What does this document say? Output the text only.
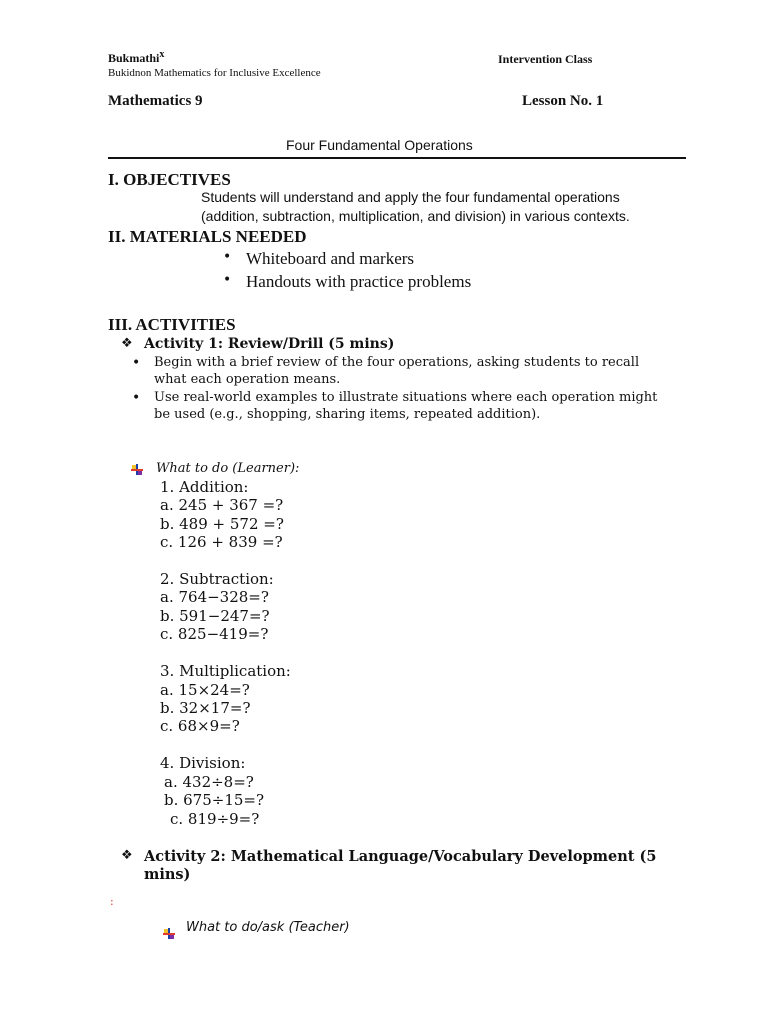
Bukmathi$^x$
Bukidnon Mathematics for Inclusive Excellence
Intervention Class
Mathematics 9	Lesson No. 1
Four Fundamental Operations
I. OBJECTIVES
Students will understand and apply the four fundamental operations
(addition, subtraction, multiplication, and division) in various contexts.
II. MATERIALS NEEDED
• Whiteboard and markers
• Handouts with practice problems
III. ACTIVITIES
❖ Activity 1: Review/Drill (5 mins)
• Begin with a brief review of the four operations, asking students to recall
what each operation means.
• Use real-world examples to illustrate situations where each operation might
be used (e.g., shopping, sharing items, repeated addition).
What to do (Learner):
1. Addition:
a. 245 + 367 =?
b. 489 + 572 =?
c. 126 + 839 =?
2. Subtraction:
a. 764−328=?
b. 591−247=?
c. 825−419=?
3. Multiplication:
a. 15×24=?
b. 32×17=?
c. 68×9=?
4. Division:
a. 432÷8=?
b. 675÷15=?
c. 819÷9=?
❖ Activity 2: Mathematical Language/Vocabulary Development (5
mins)
:
What to do/ask (Teacher)
